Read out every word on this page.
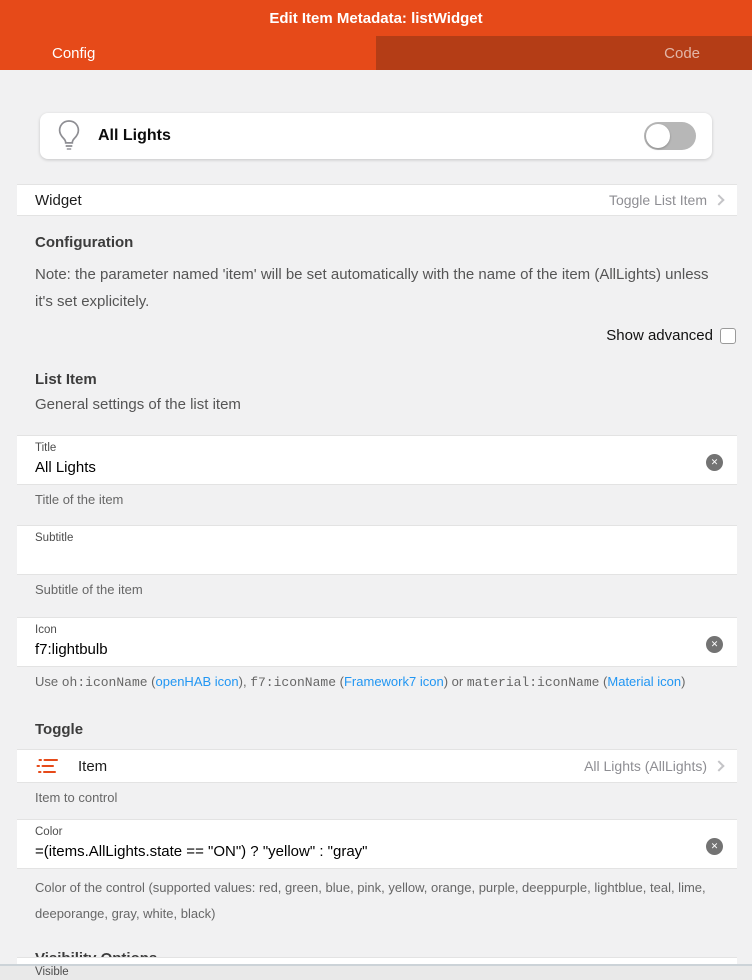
Edit Item Metadata: listWidget
Config	Code
All Lights
Widget	Toggle List Item
Configuration
Note: the parameter named 'item' will be set automatically with the name of the item (AllLights) unless it's set explicitely.
Show advanced
List Item
General settings of the list item
Title
All Lights	✕
Title of the item
Subtitle
Subtitle of the item
Icon
f7:lightbulb	✕
Use oh:iconName (openHAB icon), f7:iconName (Framework7 icon) or material:iconName (Material icon)
Toggle
Item	All Lights (AllLights)
Item to control
Color
=(items.AllLights.state == "ON") ? "yellow" : "gray"	✕
Color of the control (supported values: red, green, blue, pink, yellow, orange, purple, deeppurple, lightblue, teal, lime, deeporange, gray, white, black)
Visible
